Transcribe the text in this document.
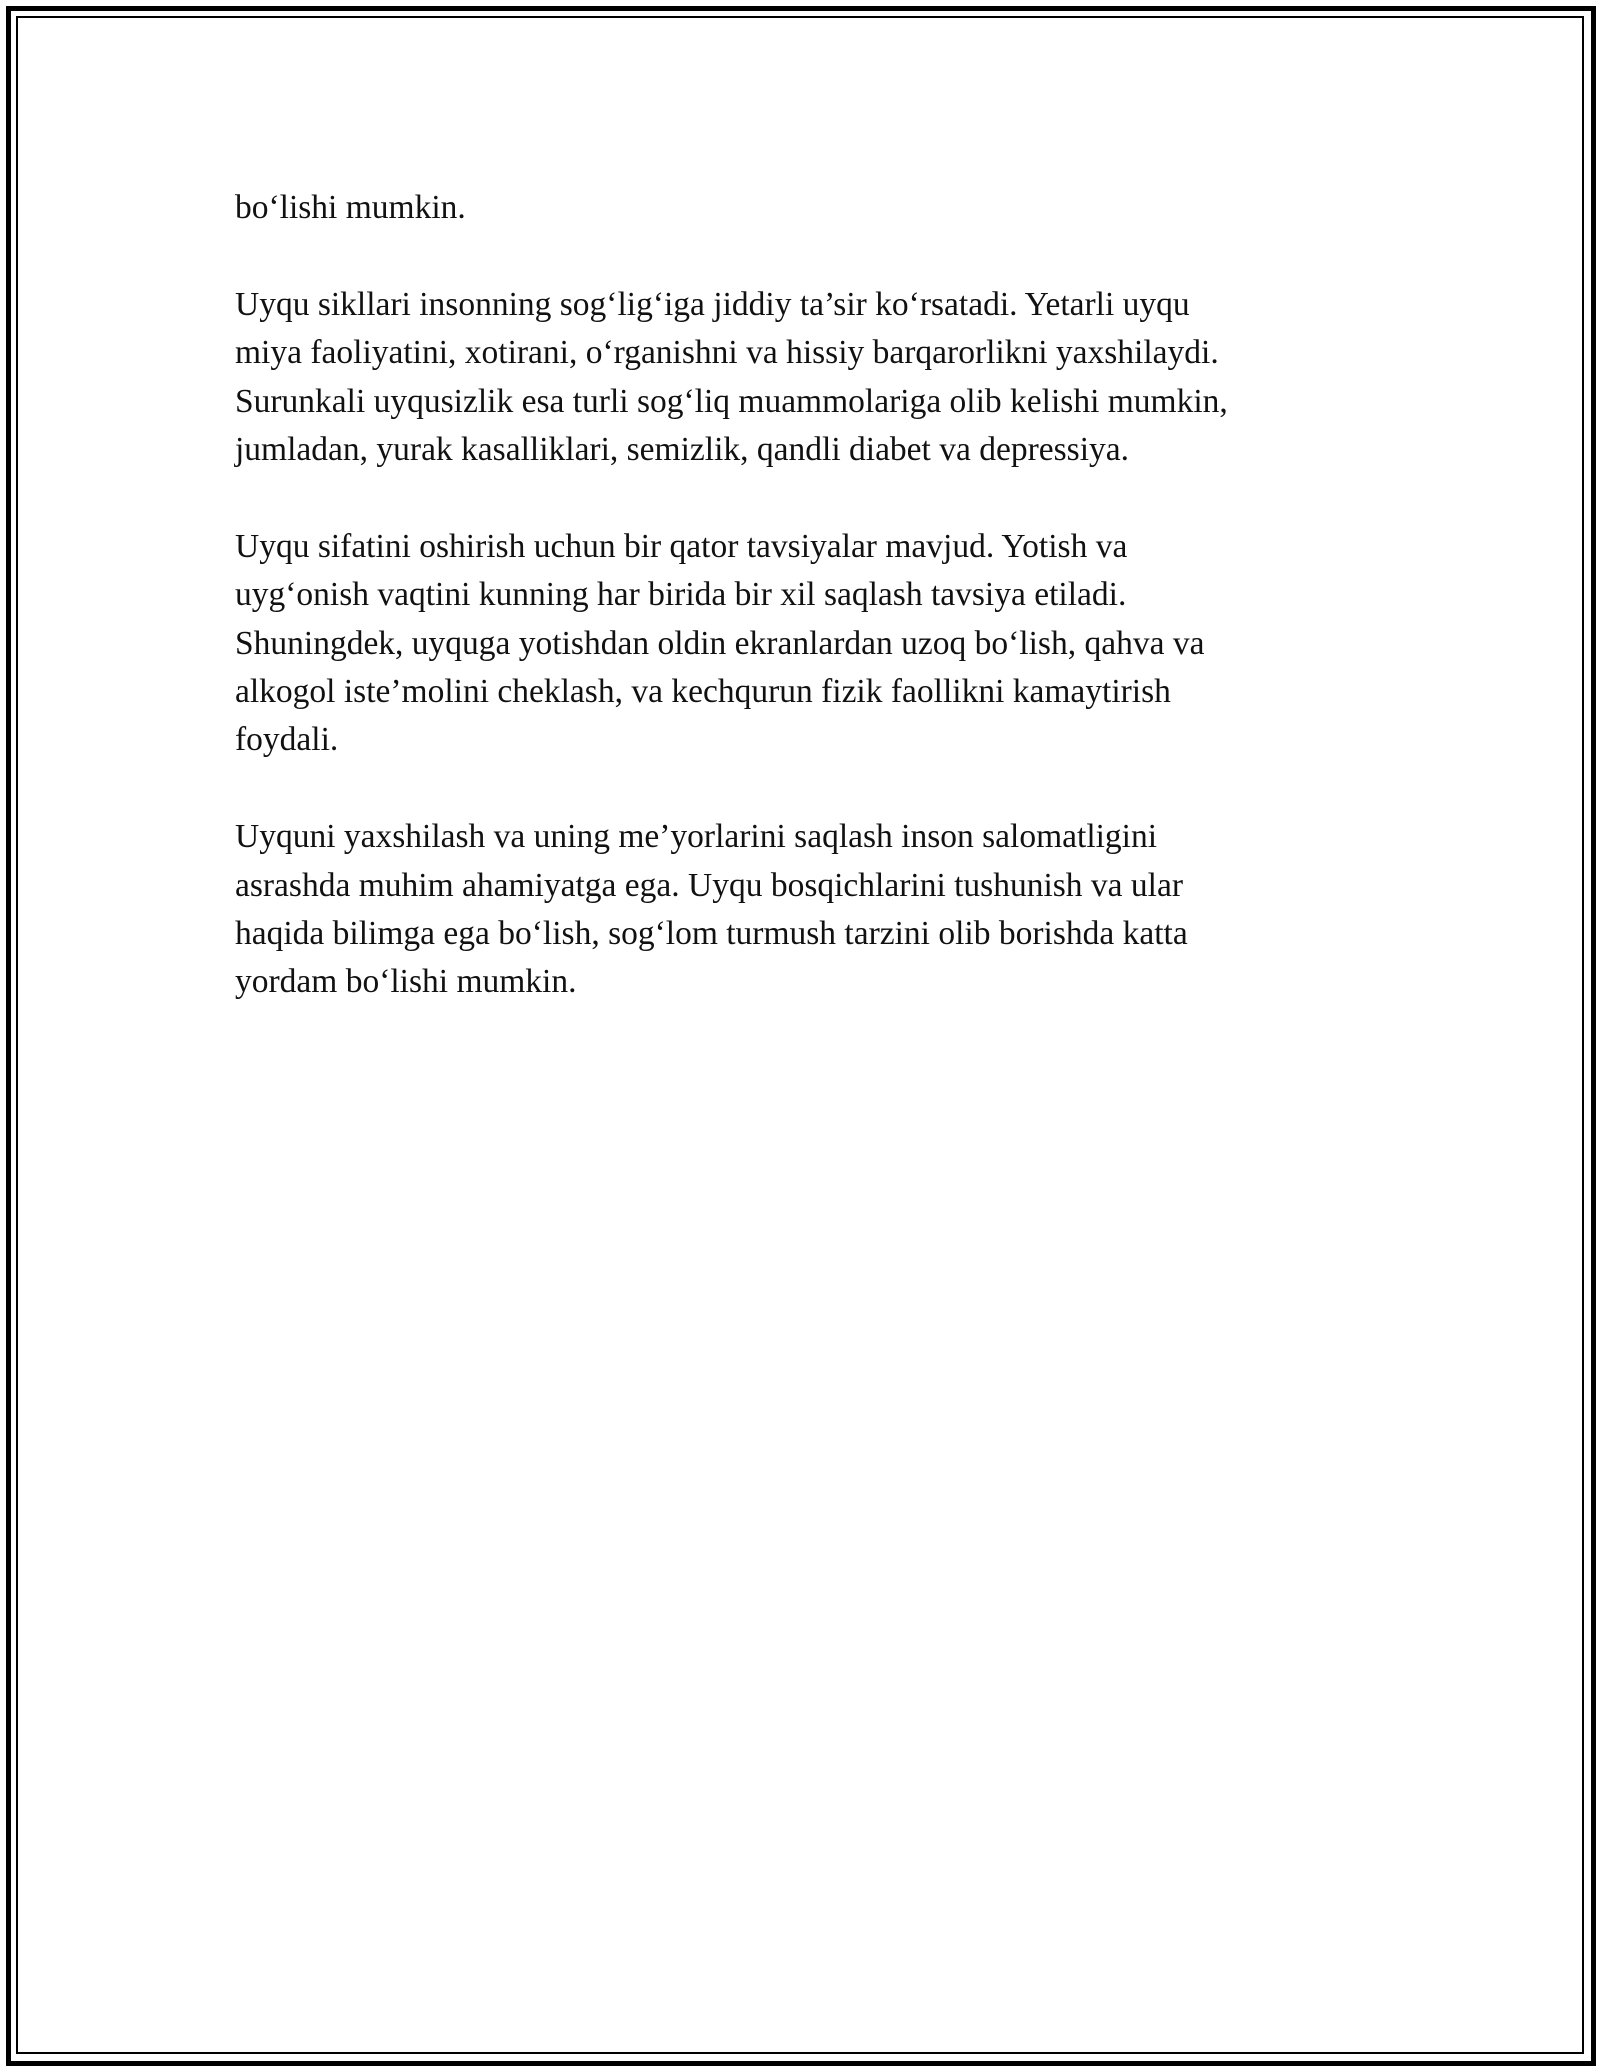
bo‘lishi mumkin.

Uyqu sikllari insonning sog‘lig‘iga jiddiy ta’sir ko‘rsatadi. Yetarli uyqu
miya faoliyatini, xotirani, o‘rganishni va hissiy barqarorlikni yaxshilaydi.
Surunkali uyqusizlik esa turli sog‘liq muammolariga olib kelishi mumkin,
jumladan, yurak kasalliklari, semizlik, qandli diabet va depressiya.

Uyqu sifatini oshirish uchun bir qator tavsiyalar mavjud. Yotish va
uyg‘onish vaqtini kunning har birida bir xil saqlash tavsiya etiladi.
Shuningdek, uyquga yotishdan oldin ekranlardan uzoq bo‘lish, qahva va
alkogol iste’molini cheklash, va kechqurun fizik faollikni kamaytirish
foydali.

Uyquni yaxshilash va uning me’yorlarini saqlash inson salomatligini
asrashda muhim ahamiyatga ega. Uyqu bosqichlarini tushunish va ular
haqida bilimga ega bo‘lish, sog‘lom turmush tarzini olib borishda katta
yordam bo‘lishi mumkin.
